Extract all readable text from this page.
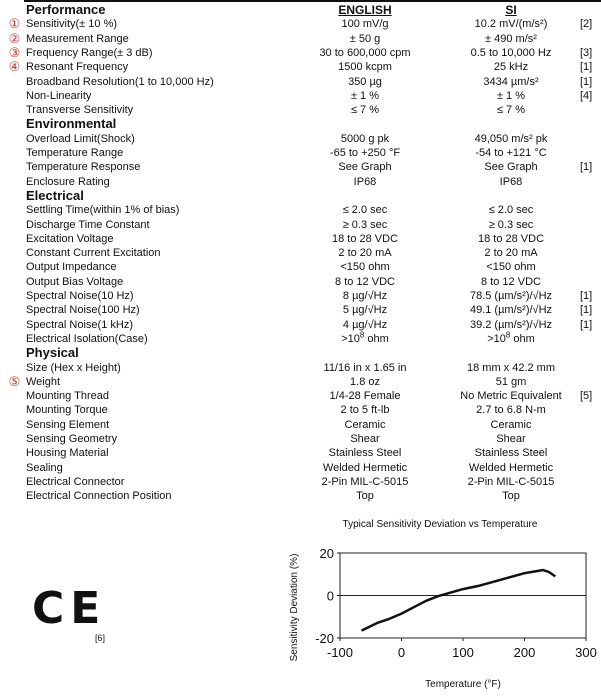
Performance	ENGLISH	SI
① Sensitivity(± 10 %)	100 mV/g	10.2 mV/(m/s²)	[2]
② Measurement Range	± 50 g	± 490 m/s²
③ Frequency Range(± 3 dB)	30 to 600,000 cpm	0.5 to 10,000 Hz	[3]
④ Resonant Frequency	1500 kcpm	25 kHz	[1]
Broadband Resolution(1 to 10,000 Hz)	350 µg	3434 µm/s²	[1]
Non-Linearity	± 1 %	± 1 %	[4]
Transverse Sensitivity	≤ 7 %	≤ 7 %
Environmental
Overload Limit(Shock)	5000 g pk	49,050 m/s² pk
Temperature Range	-65 to +250 °F	-54 to +121 °C
Temperature Response	See Graph	See Graph	[1]
Enclosure Rating	IP68	IP68
Electrical
Settling Time(within 1% of bias)	≤ 2.0 sec	≤ 2.0 sec
Discharge Time Constant	≥ 0.3 sec	≥ 0.3 sec
Excitation Voltage	18 to 28 VDC	18 to 28 VDC
Constant Current Excitation	2 to 20 mA	2 to 20 mA
Output Impedance	<150 ohm	<150 ohm
Output Bias Voltage	8 to 12 VDC	8 to 12 VDC
Spectral Noise(10 Hz)	8 µg/√Hz	78.5 (µm/s²)/√Hz	[1]
Spectral Noise(100 Hz)	5 µg/√Hz	49.1 (µm/s²)/√Hz	[1]
Spectral Noise(1 kHz)	4 µg/√Hz	39.2 (µm/s²)/√Hz	[1]
Electrical Isolation(Case)	$>10^8$ ohm	$>10^8$ ohm
Physical
Size (Hex x Height)	11/16 in x 1.65 in	18 mm x 42.2 mm
⑤ Weight	1.8 oz	51 gm
Mounting Thread	1/4-28 Female	No Metric Equivalent	[5]
Mounting Torque	2 to 5 ft-lb	2.7 to 6.8 N-m
Sensing Element	Ceramic	Ceramic
Sensing Geometry	Shear	Shear
Housing Material	Stainless Steel	Stainless Steel
Sealing	Welded Hermetic	Welded Hermetic
Electrical Connector	2-Pin MIL-C-5015	2-Pin MIL-C-5015
Electrical Connection Position	Top	Top
CE
[6]
Typical Sensitivity Deviation vs Temperature
20
0
-20
-100	0	100	200	300
Temperature (°F)
Sensitivity Deviation (%)
